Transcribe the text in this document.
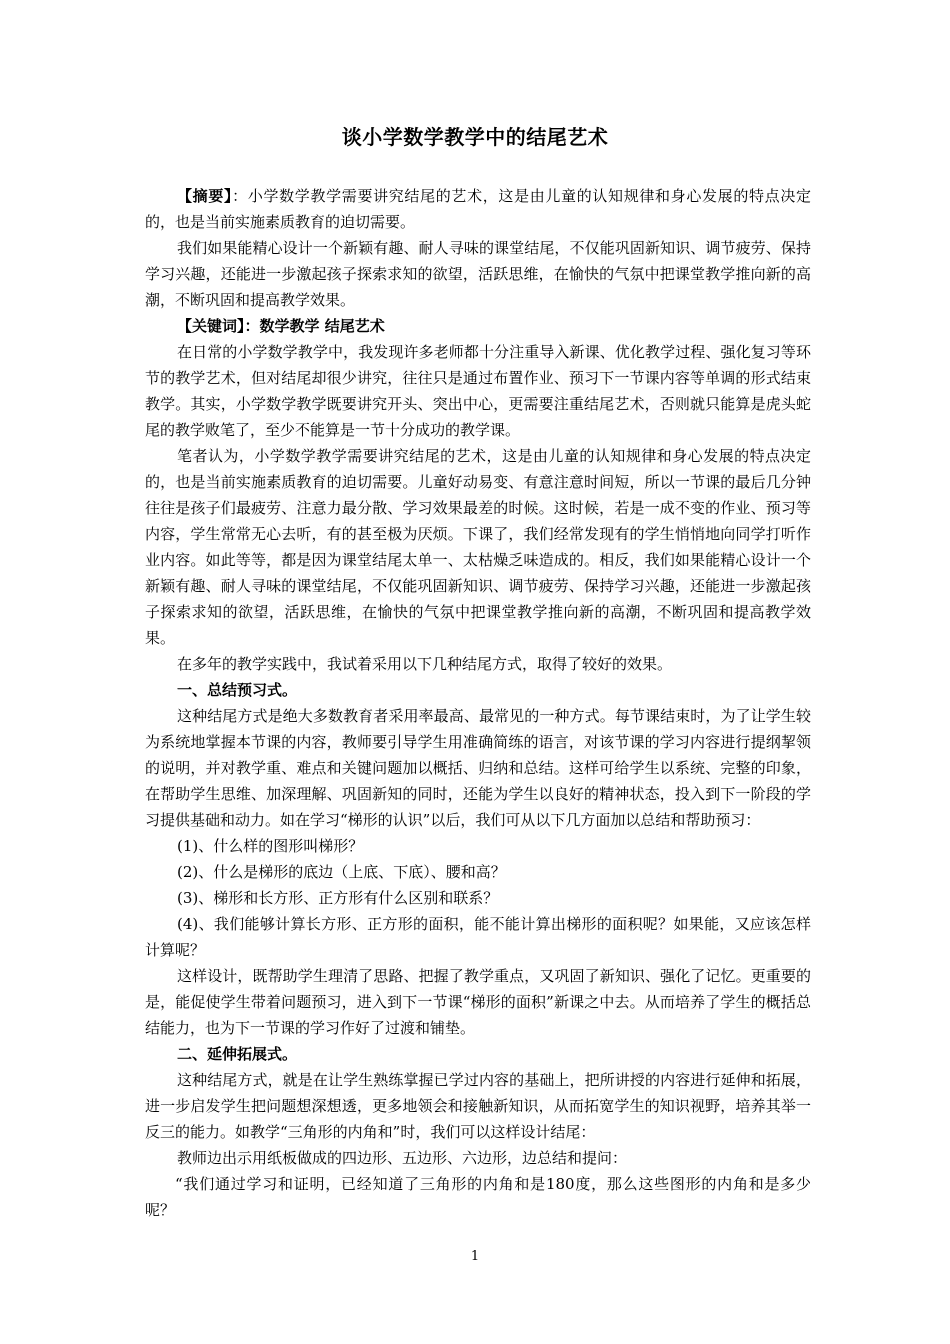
谈小学数学教学中的结尾艺术

【摘要】：小学数学教学需要讲究结尾的艺术，这是由儿童的认知规律和身心发展的特点决定的，也是当前实施素质教育的迫切需要。

我们如果能精心设计一个新颖有趣、耐人寻味的课堂结尾，不仅能巩固新知识、调节疲劳、保持学习兴趣，还能进一步激起孩子探索求知的欲望，活跃思维，在愉快的气氛中把课堂教学推向新的高潮，不断巩固和提高教学效果。

【关键词】：数学教学 结尾艺术

在日常的小学数学教学中，我发现许多老师都十分注重导入新课、优化教学过程、强化复习等环节的教学艺术，但对结尾却很少讲究，往往只是通过布置作业、预习下一节课内容等单调的形式结束教学。其实，小学数学教学既要讲究开头、突出中心，更需要注重结尾艺术，否则就只能算是虎头蛇尾的教学败笔了，至少不能算是一节十分成功的教学课。

笔者认为，小学数学教学需要讲究结尾的艺术，这是由儿童的认知规律和身心发展的特点决定的，也是当前实施素质教育的迫切需要。儿童好动易变、有意注意时间短，所以一节课的最后几分钟往往是孩子们最疲劳、注意力最分散、学习效果最差的时候。这时候，若是一成不变的作业、预习等内容，学生常常无心去听，有的甚至极为厌烦。下课了，我们经常发现有的学生悄悄地向同学打听作业内容。如此等等，都是因为课堂结尾太单一、太枯燥乏味造成的。相反，我们如果能精心设计一个新颖有趣、耐人寻味的课堂结尾，不仅能巩固新知识、调节疲劳、保持学习兴趣，还能进一步激起孩子探索求知的欲望，活跃思维，在愉快的气氛中把课堂教学推向新的高潮，不断巩固和提高教学效果。

在多年的教学实践中，我试着采用以下几种结尾方式，取得了较好的效果。

一、总结预习式。

这种结尾方式是绝大多数教育者采用率最高、最常见的一种方式。每节课结束时，为了让学生较为系统地掌握本节课的内容，教师要引导学生用准确简练的语言，对该节课的学习内容进行提纲挈领的说明，并对教学重、难点和关键问题加以概括、归纳和总结。这样可给学生以系统、完整的印象，在帮助学生思维、加深理解、巩固新知的同时，还能为学生以良好的精神状态，投入到下一阶段的学习提供基础和动力。如在学习“梯形的认识”以后，我们可从以下几方面加以总结和帮助预习：

(1)、什么样的图形叫梯形？

(2)、什么是梯形的底边（上底、下底）、腰和高？

(3)、梯形和长方形、正方形有什么区别和联系？

(4)、我们能够计算长方形、正方形的面积，能不能计算出梯形的面积呢？如果能，又应该怎样计算呢？

这样设计，既帮助学生理清了思路、把握了教学重点，又巩固了新知识、强化了记忆。更重要的是，能促使学生带着问题预习，进入到下一节课“梯形的面积”新课之中去。从而培养了学生的概括总结能力，也为下一节课的学习作好了过渡和铺垫。

二、延伸拓展式。

这种结尾方式，就是在让学生熟练掌握已学过内容的基础上，把所讲授的内容进行延伸和拓展，进一步启发学生把问题想深想透，更多地领会和接触新知识，从而拓宽学生的知识视野，培养其举一反三的能力。如教学“三角形的内角和”时，我们可以这样设计结尾：

教师边出示用纸板做成的四边形、五边形、六边形，边总结和提问：

“我们通过学习和证明，已经知道了三角形的内角和是180度，那么这些图形的内角和是多少呢？

1
